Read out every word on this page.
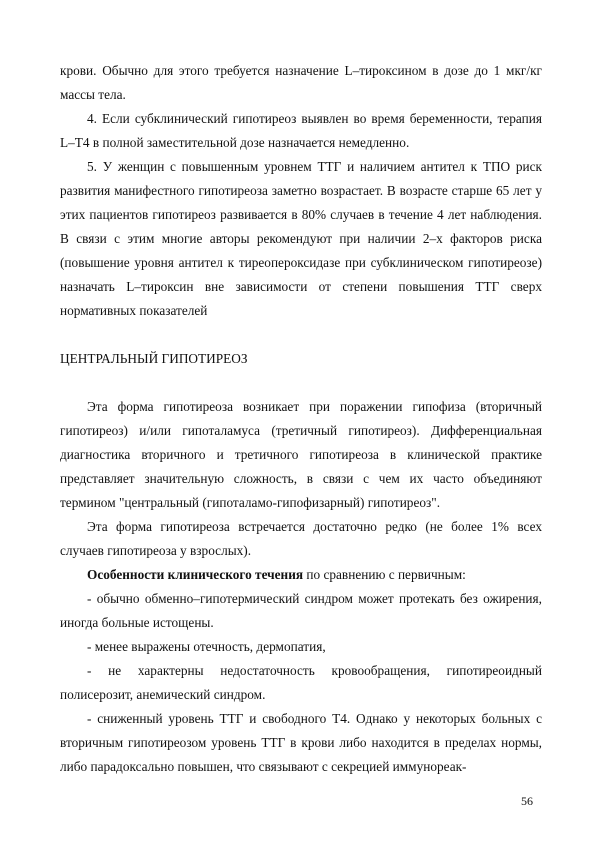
крови. Обычно для этого требуется назначение L–тироксином в дозе до 1 мкг/кг массы тела.

4. Если субклинический гипотиреоз выявлен во время беременности, терапия L–Т4 в полной заместительной дозе назначается немедленно.

5. У женщин с повышенным уровнем ТТГ и наличием антител к ТПО риск развития манифестного гипотиреоза заметно возрастает. В возрасте старше 65 лет у этих пациентов гипотиреоз развивается в 80% случаев в течение 4 лет наблюдения. В связи с этим многие авторы рекомендуют при наличии 2–х факторов риска (повышение уровня антител к тиреопероксидазе при субклиническом гипотиреозе) назначать L–тироксин вне зависимости от степени повышения ТТГ сверх нормативных показателей

ЦЕНТРАЛЬНЫЙ ГИПОТИРЕОЗ

Эта форма гипотиреоза возникает при поражении гипофиза (вторичный гипотиреоз) и/или гипоталамуса (третичный гипотиреоз). Дифференциальная диагностика вторичного и третичного гипотиреоза в клинической практике представляет значительную сложность, в связи с чем их часто объединяют термином "центральный (гипоталамо-гипофизарный) гипотиреоз".

Эта форма гипотиреоза встречается достаточно редко (не более 1% всех случаев гипотиреоза у взрослых).

Особенности клинического течения по сравнению с первичным:

- обычно обменно–гипотермический синдром может протекать без ожирения, иногда больные истощены.

- менее выражены отечность, дермопатия,

- не характерны недостаточность кровообращения, гипотиреоидный полисерозит, анемический синдром.

- сниженный уровень ТТГ и свободного Т4. Однако у некоторых больных с вторичным гипотиреозом уровень ТТГ в крови либо находится в пределах нормы, либо парадоксально повышен, что связывают с секрецией иммунореак-

56
